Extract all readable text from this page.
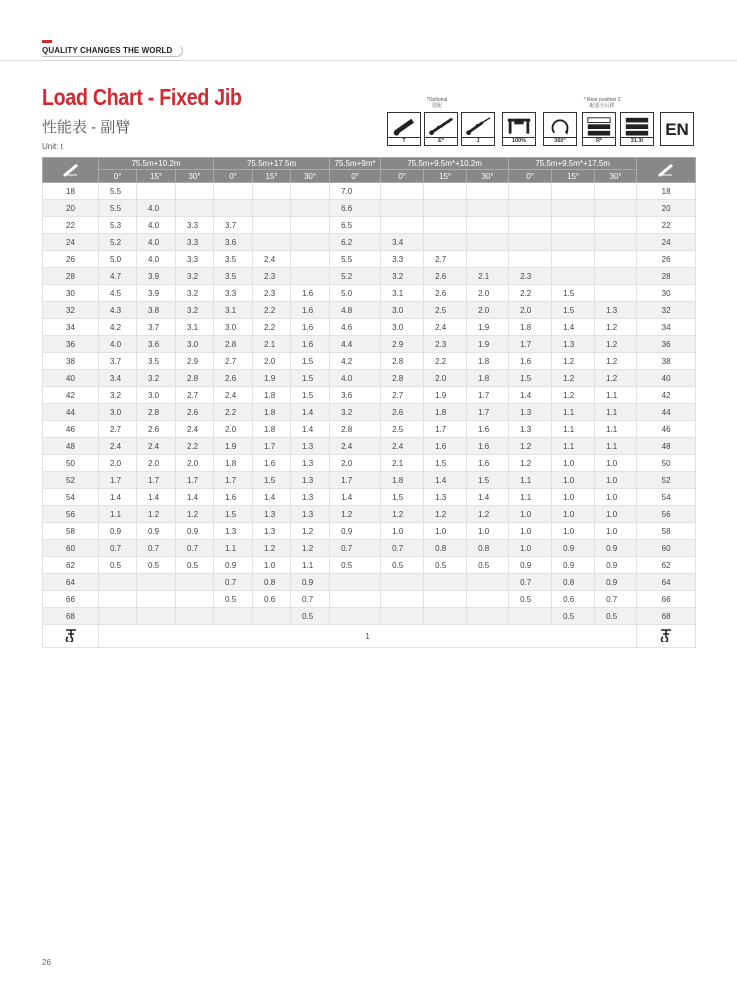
QUALITY CHANGES THE WORLD
Load Chart - Fixed Jib
性能表 - 副臂
Unit: t
*Optional
选配
* Rear position 2
配重全后移
T	E*	J	100%	360°	R*	31.3t
EN
	75.5m+10.2m			75.5m+17.5m			75.5m+9m*	75.5m+9.5m*+10.2m			75.5m+9.5m*+17.5m	
	0°	15°	30°	0°	15°	30°	0°	0°	15°	30°	0°	15°	30°	
18	5.5						7.0							18
20	5.5	4.0					6.6							20
22	5.3	4.0	3.3	3.7			6.5							22
24	5.2	4.0	3.3	3.6			6.2	3.4						24
26	5.0	4.0	3.3	3.5	2.4		5.5	3.3	2.7					26
28	4.7	3.9	3.2	3.5	2.3		5.2	3.2	2.6	2.1	2.3			28
30	4.5	3.9	3.2	3.3	2.3	1.6	5.0	3.1	2.6	2.0	2.2	1.5		30
32	4.3	3.8	3.2	3.1	2.2	1.6	4.8	3.0	2.5	2.0	2.0	1.5	1.3	32
34	4.2	3.7	3.1	3.0	2.2	1.6	4.6	3.0	2.4	1.9	1.8	1.4	1.2	34
36	4.0	3.6	3.0	2.8	2.1	1.6	4.4	2.9	2.3	1.9	1.7	1.3	1.2	36
38	3.7	3.5	2.9	2.7	2.0	1.5	4.2	2.8	2.2	1.8	1.6	1.2	1.2	38
40	3.4	3.2	2.8	2.6	1.9	1.5	4.0	2.8	2.0	1.8	1.5	1.2	1.2	40
42	3.2	3.0	2.7	2.4	1.8	1.5	3.6	2.7	1.9	1.7	1.4	1.2	1.1	42
44	3.0	2.8	2.6	2.2	1.8	1.4	3.2	2.6	1.8	1.7	1.3	1.1	1.1	44
46	2.7	2.6	2.4	2.0	1.8	1.4	2.8	2.5	1.7	1.6	1.3	1.1	1.1	46
48	2.4	2.4	2.2	1.9	1.7	1.3	2.4	2.4	1.6	1.6	1.2	1.1	1.1	48
50	2.0	2.0	2.0	1.8	1.6	1.3	2.0	2.1	1.5	1.6	1.2	1.0	1.0	50
52	1.7	1.7	1.7	1.7	1.5	1.3	1.7	1.8	1.4	1.5	1.1	1.0	1.0	52
54	1.4	1.4	1.4	1.6	1.4	1.3	1.4	1.5	1.3	1.4	1.1	1.0	1.0	54
56	1.1	1.2	1.2	1.5	1.3	1.3	1.2	1.2	1.2	1.2	1.0	1.0	1.0	56
58	0.9	0.9	0.9	1.3	1.3	1.2	0.9	1.0	1.0	1.0	1.0	1.0	1.0	58
60	0.7	0.7	0.7	1.1	1.2	1.2	0.7	0.7	0.8	0.8	1.0	0.9	0.9	60
62	0.5	0.5	0.5	0.9	1.0	1.1	0.5	0.5	0.5	0.5	0.9	0.9	0.9	62
64				0.7	0.8	0.9					0.7	0.8	0.9	64
66				0.5	0.6	0.7					0.5	0.6	0.7	66
68						0.5						0.5	0.5	68
	1	
26
